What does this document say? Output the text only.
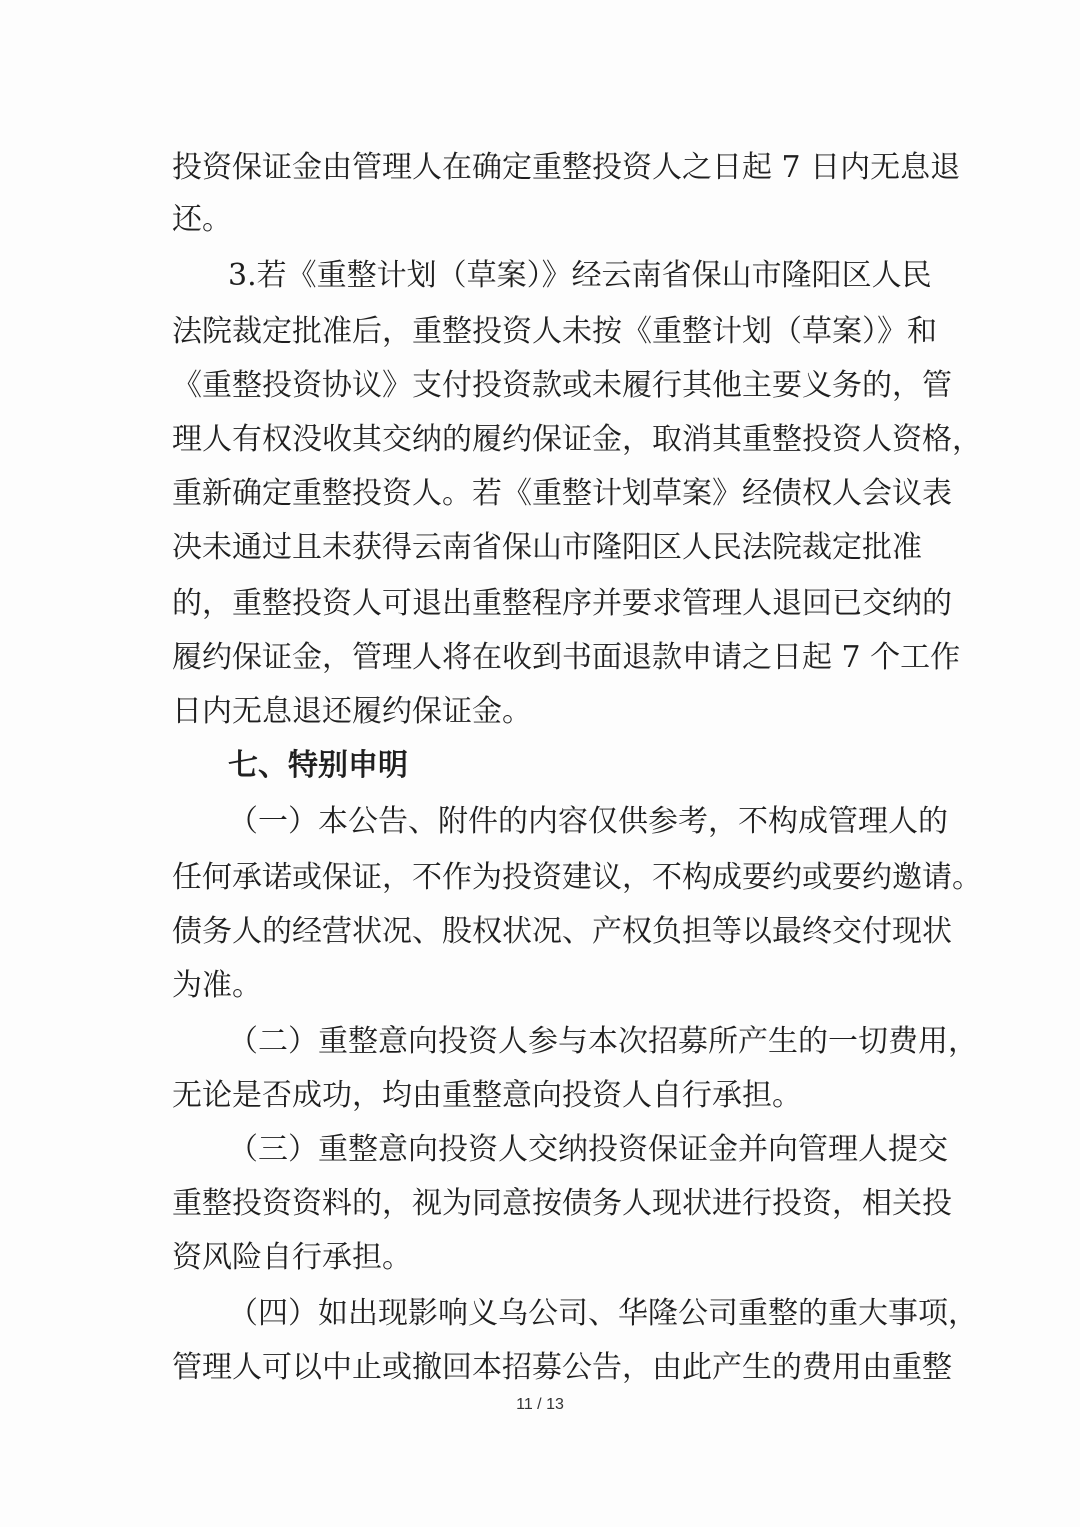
投资保证金由管理人在确定重整投资人之日起 7 日内无息退
还。
3.若《重整计划（草案）》经云南省保山市隆阳区人民
法院裁定批准后，重整投资人未按《重整计划（草案）》和
《重整投资协议》支付投资款或未履行其他主要义务的，管
理人有权没收其交纳的履约保证金，取消其重整投资人资格，
重新确定重整投资人。若《重整计划草案》经债权人会议表
决未通过且未获得云南省保山市隆阳区人民法院裁定批准
的，重整投资人可退出重整程序并要求管理人退回已交纳的
履约保证金，管理人将在收到书面退款申请之日起 7 个工作
日内无息退还履约保证金。
七、特别申明
（一）本公告、附件的内容仅供参考，不构成管理人的
任何承诺或保证，不作为投资建议，不构成要约或要约邀请。
债务人的经营状况、股权状况、产权负担等以最终交付现状
为准。
（二）重整意向投资人参与本次招募所产生的一切费用，
无论是否成功，均由重整意向投资人自行承担。
（三）重整意向投资人交纳投资保证金并向管理人提交
重整投资资料的，视为同意按债务人现状进行投资，相关投
资风险自行承担。
（四）如出现影响义乌公司、华隆公司重整的重大事项，
管理人可以中止或撤回本招募公告，由此产生的费用由重整
11 / 13
